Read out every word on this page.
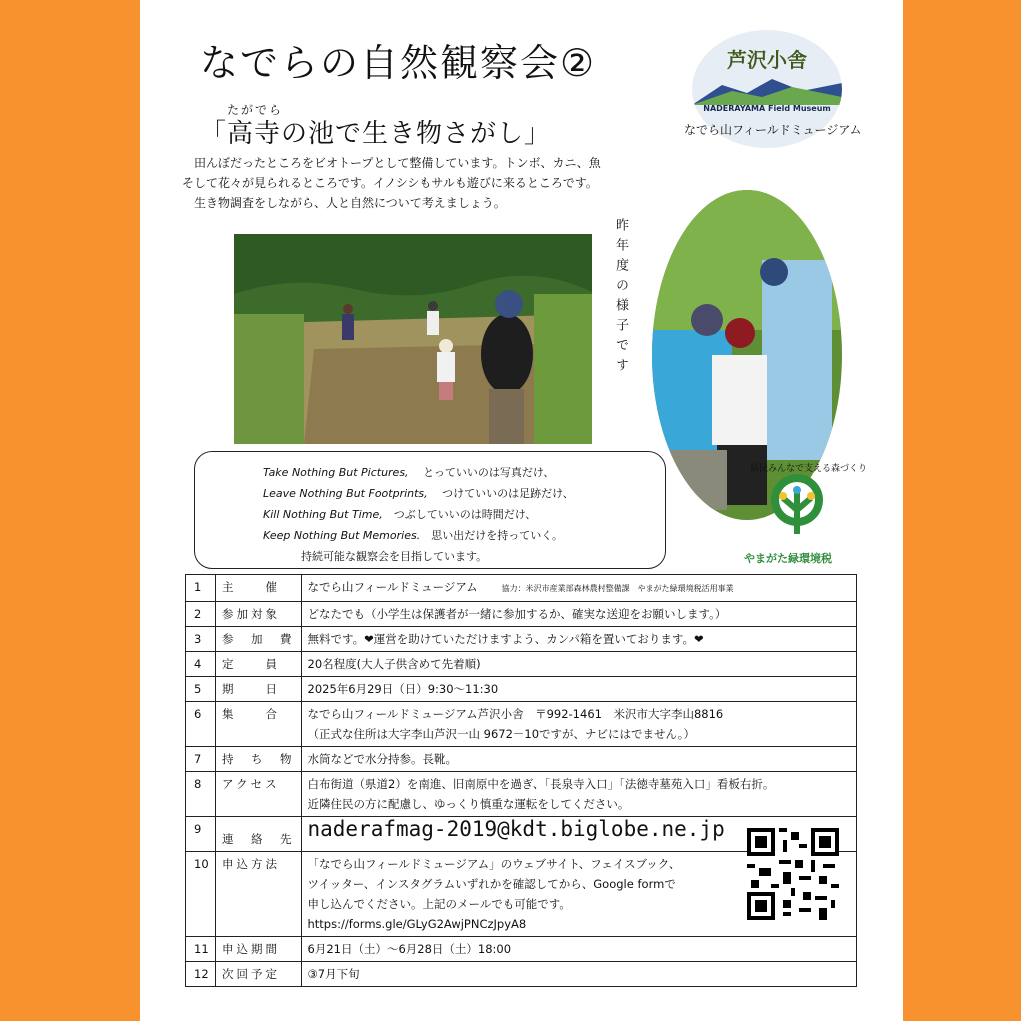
なでらの自然観察会②
たがでら
「高寺の池で生き物さがし」
芦沢小舎
NADERAYAMA Field Museum
なでら山フィールドミュージアム

　田んぼだったところをビオトープとして整備しています。トンボ、カニ、魚

そして花々が見られるところです。イノシシもサルも遊びに来るところです。

　生き物調査をしながら、人と自然について考えましょう。

昨年度の様子です
県民みんなで支える森づくり
やまがた緑環境税
Take Nothing But Pictures,　 とっていいのは写真だけ、
Leave Nothing But Footprints,　 つけていいのは足跡だけ、
Kill Nothing But Time,　 つぶしていいのは時間だけ、
Keep Nothing But Memories.　 思い出だけを持っていく。
持続可能な観察会を目指しています。
1	主　　催	なでら山フィールドミュージアム 協力：米沢市産業部森林農村整備課　やまがた緑環境税活用事業
2	参加対象	どなたでも（小学生は保護者が一緒に参加するか、確実な送迎をお願いします。）
3	参　加　費	無料です。❤運営を助けていただけますよう、カンパ箱を置いております。❤
4	定　　員	20名程度(大人子供含めて先着順)
5	期　　日	2025年6月29日（日）9:30～11:30
6	集　　合	なでら山フィールドミュージアム芦沢小舎　〒992-1461　米沢市大字李山8816
（正式な住所は大字李山芦沢一山 9672－10ですが、ナビにはでません。）

7	持　ち　物	水筒などで水分持参。長靴。
8	アクセス	白布街道（県道2）を南進、旧南原中を過ぎ、「長泉寺入口」「法徳寺墓苑入口」看板右折。
近隣住民の方に配慮し、ゆっくり慎重な運転をしてください。

9	連　絡　先	naderafmag-2019@kdt.biglobe.ne.jp
10	申込方法	「なでら山フィールドミュージアム」のウェブサイト、フェイスブック、
ツイッター、インスタグラムいずれかを確認してから、Google formで
申し込んでください。上記のメールでも可能です。
https://forms.gle/GLyG2AwjPNCzJpyA8

11	申込期間	6月21日（土）～6月28日（土）18:00
12	次回予定	③7月下旬
